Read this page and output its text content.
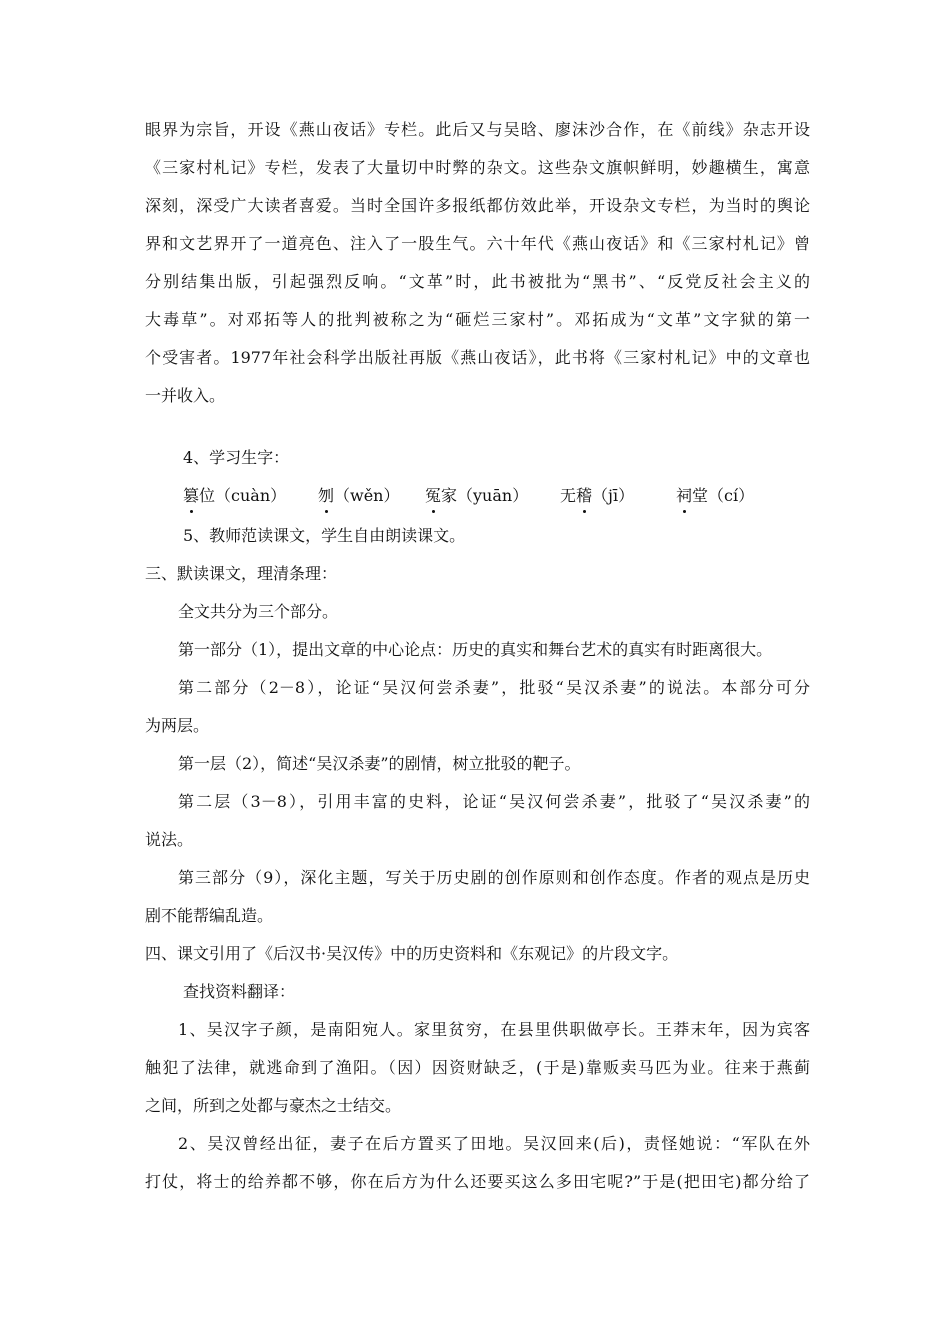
眼界为宗旨，开设《燕山夜话》专栏。此后又与吴晗、廖沫沙合作，在《前线》杂志开设
《三家村札记》专栏，发表了大量切中时弊的杂文。这些杂文旗帜鲜明，妙趣横生，寓意
深刻，深受广大读者喜爱。当时全国许多报纸都仿效此举，开设杂文专栏，为当时的舆论
界和文艺界开了一道亮色、注入了一股生气。六十年代《燕山夜话》和《三家村札记》曾
分别结集出版，引起强烈反响。“文革”时，此书被批为“黑书”、“反党反社会主义的
大毒草”。对邓拓等人的批判被称之为“砸烂三家村”。邓拓成为“文革”文字狱的第一
个受害者。1977年社会科学出版社再版《燕山夜话》，此书将《三家村札记》中的文章也
一并收入。
4、学习生字：
篡位（cuàn） 刎（wěn） 冤家（yuān） 无稽（jī）	祠堂（cí）
5、教师范读课文，学生自由朗读课文。
三、默读课文，理清条理：
全文共分为三个部分。
第一部分（1），提出文章的中心论点：历史的真实和舞台艺术的真实有时距离很大。
第二部分（2－8），论证“吴汉何尝杀妻”，批驳“吴汉杀妻”的说法。本部分可分
为两层。
第一层（2），简述“吴汉杀妻”的剧情，树立批驳的靶子。
第二层（3－8），引用丰富的史料，论证“吴汉何尝杀妻”，批驳了“吴汉杀妻”的
说法。
第三部分（9），深化主题，写关于历史剧的创作原则和创作态度。作者的观点是历史
剧不能帮编乱造。
四、课文引用了《后汉书·吴汉传》中的历史资料和《东观记》的片段文字。
查找资料翻译：
1、吴汉字子颜，是南阳宛人。家里贫穷，在县里供职做亭长。王莽末年，因为宾客
触犯了法律，就逃命到了渔阳。（因）因资财缺乏，(于是)靠贩卖马匹为业。往来于燕蓟
之间，所到之处都与豪杰之士结交。
2、吴汉曾经出征，妻子在后方置买了田地。吴汉回来(后)，责怪她说：“军队在外
打仗，将士的给养都不够，你在后方为什么还要买这么多田宅呢?”于是(把田宅)都分给了
